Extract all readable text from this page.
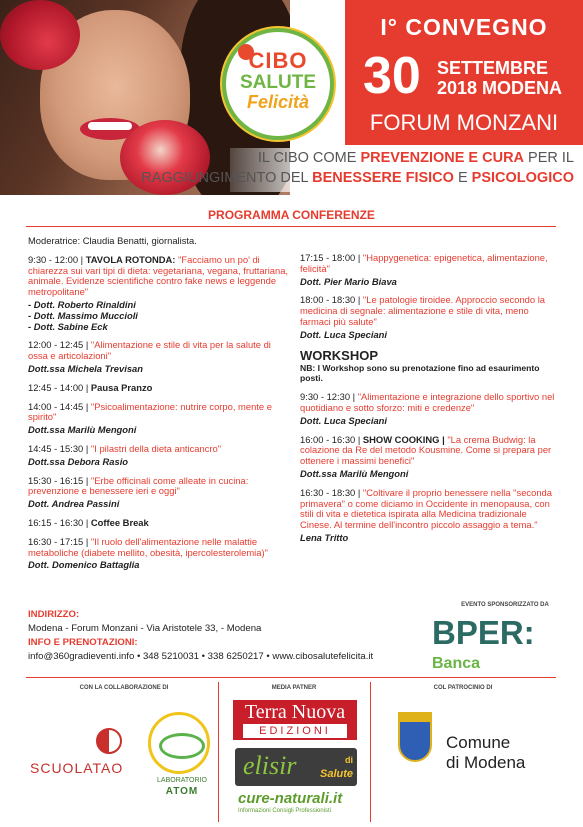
I° CONVEGNO
30 SETTEMBRE
2018 MODENA
FORUM MONZANI
CIBO
SALUTE
Felicità
IL CIBO COME PREVENZIONE E CURA PER IL
RAGGIUNGIMENTO DEL BENESSERE FISICO E PSICOLOGICO
PROGRAMMA CONFERENZE
Moderatrice: Claudia Benatti, giornalista.
9:30 - 12:00 | TAVOLA ROTONDA: "Facciamo un po' di chiarezza sui vari tipi di dieta: vegetariana, vegana, fruttariana, animale. Evidenze scientifiche contro fake news e leggende metropolitane"
- Dott. Roberto Rinaldini
- Dott. Massimo Muccioli
- Dott. Sabine Eck
12:00 - 12:45 | "Alimentazione e stile di vita per la salute di ossa e articolazioni"
Dott.ssa Michela Trevisan
12:45 - 14:00 | Pausa Pranzo
14:00 - 14:45 | "Psicoalimentazione: nutrire corpo, mente e spirito"
Dott.ssa Marilù Mengoni
14:45 - 15:30 | "I pilastri della dieta anticancro"
Dott.ssa Debora Rasio
15:30 - 16:15 | "Erbe officinali come alleate in cucina: prevenzione e benessere ieri e oggi"
Dott. Andrea Passini
16:15 - 16:30 | Coffee Break
16:30 - 17:15 | "Il ruolo dell'alimentazione nelle malattie metaboliche (diabete mellito, obesità, ipercolesterolemia)"
Dott. Domenico Battaglia
17:15 - 18:00 | "Happygenetica: epigenetica, alimentazione, felicità"
Dott. Pier Mario Biava
18:00 - 18:30 | "Le patologie tiroidee. Approccio secondo la medicina di segnale: alimentazione e stile di vita, meno farmaci più salute"
Dott. Luca Speciani
WORKSHOP
NB: I Workshop sono su prenotazione fino ad esaurimento posti.
9:30 - 12:30 | "Alimentazione e integrazione dello sportivo nel quotidiano e sotto sforzo: miti e credenze"
Dott. Luca Speciani
16:00 - 16:30 | SHOW COOKING | "La crema Budwig: la colazione da Re del metodo Kousmine. Come si prepara per ottenere i massimi benefici"
Dott.ssa Marilù Mengoni
16:30 - 18:30 | "Coltivare il proprio benessere nella "seconda primavera" o come diciamo in Occidente in menopausa, con stili di vita e dietetica ispirata alla Medicina tradizionale Cinese. Al termine dell'incontro piccolo assaggio a tema."
Lena Tritto

INDIRIZZO:

Modena - Forum Monzani - Via Aristotele 33, - Modena

INFO E PRENOTAZIONI:

info@360gradieventi.info • 348 5210031 • 338 6250217 • www.cibosalutefelicita.it

EVENTO SPONSORIZZATO DA
BPER:
Banca
CON LA COLLABORAZIONE DI	MEDIA PATNER	COL PATROCINIO DI
SCUOLATAO
LABORATORIO
ATOM
Terra Nuova
EDIZIONI
elisir	di
Salute
cure-naturali.it
Informazioni Consigli Professionisti
Comune
di Modena
